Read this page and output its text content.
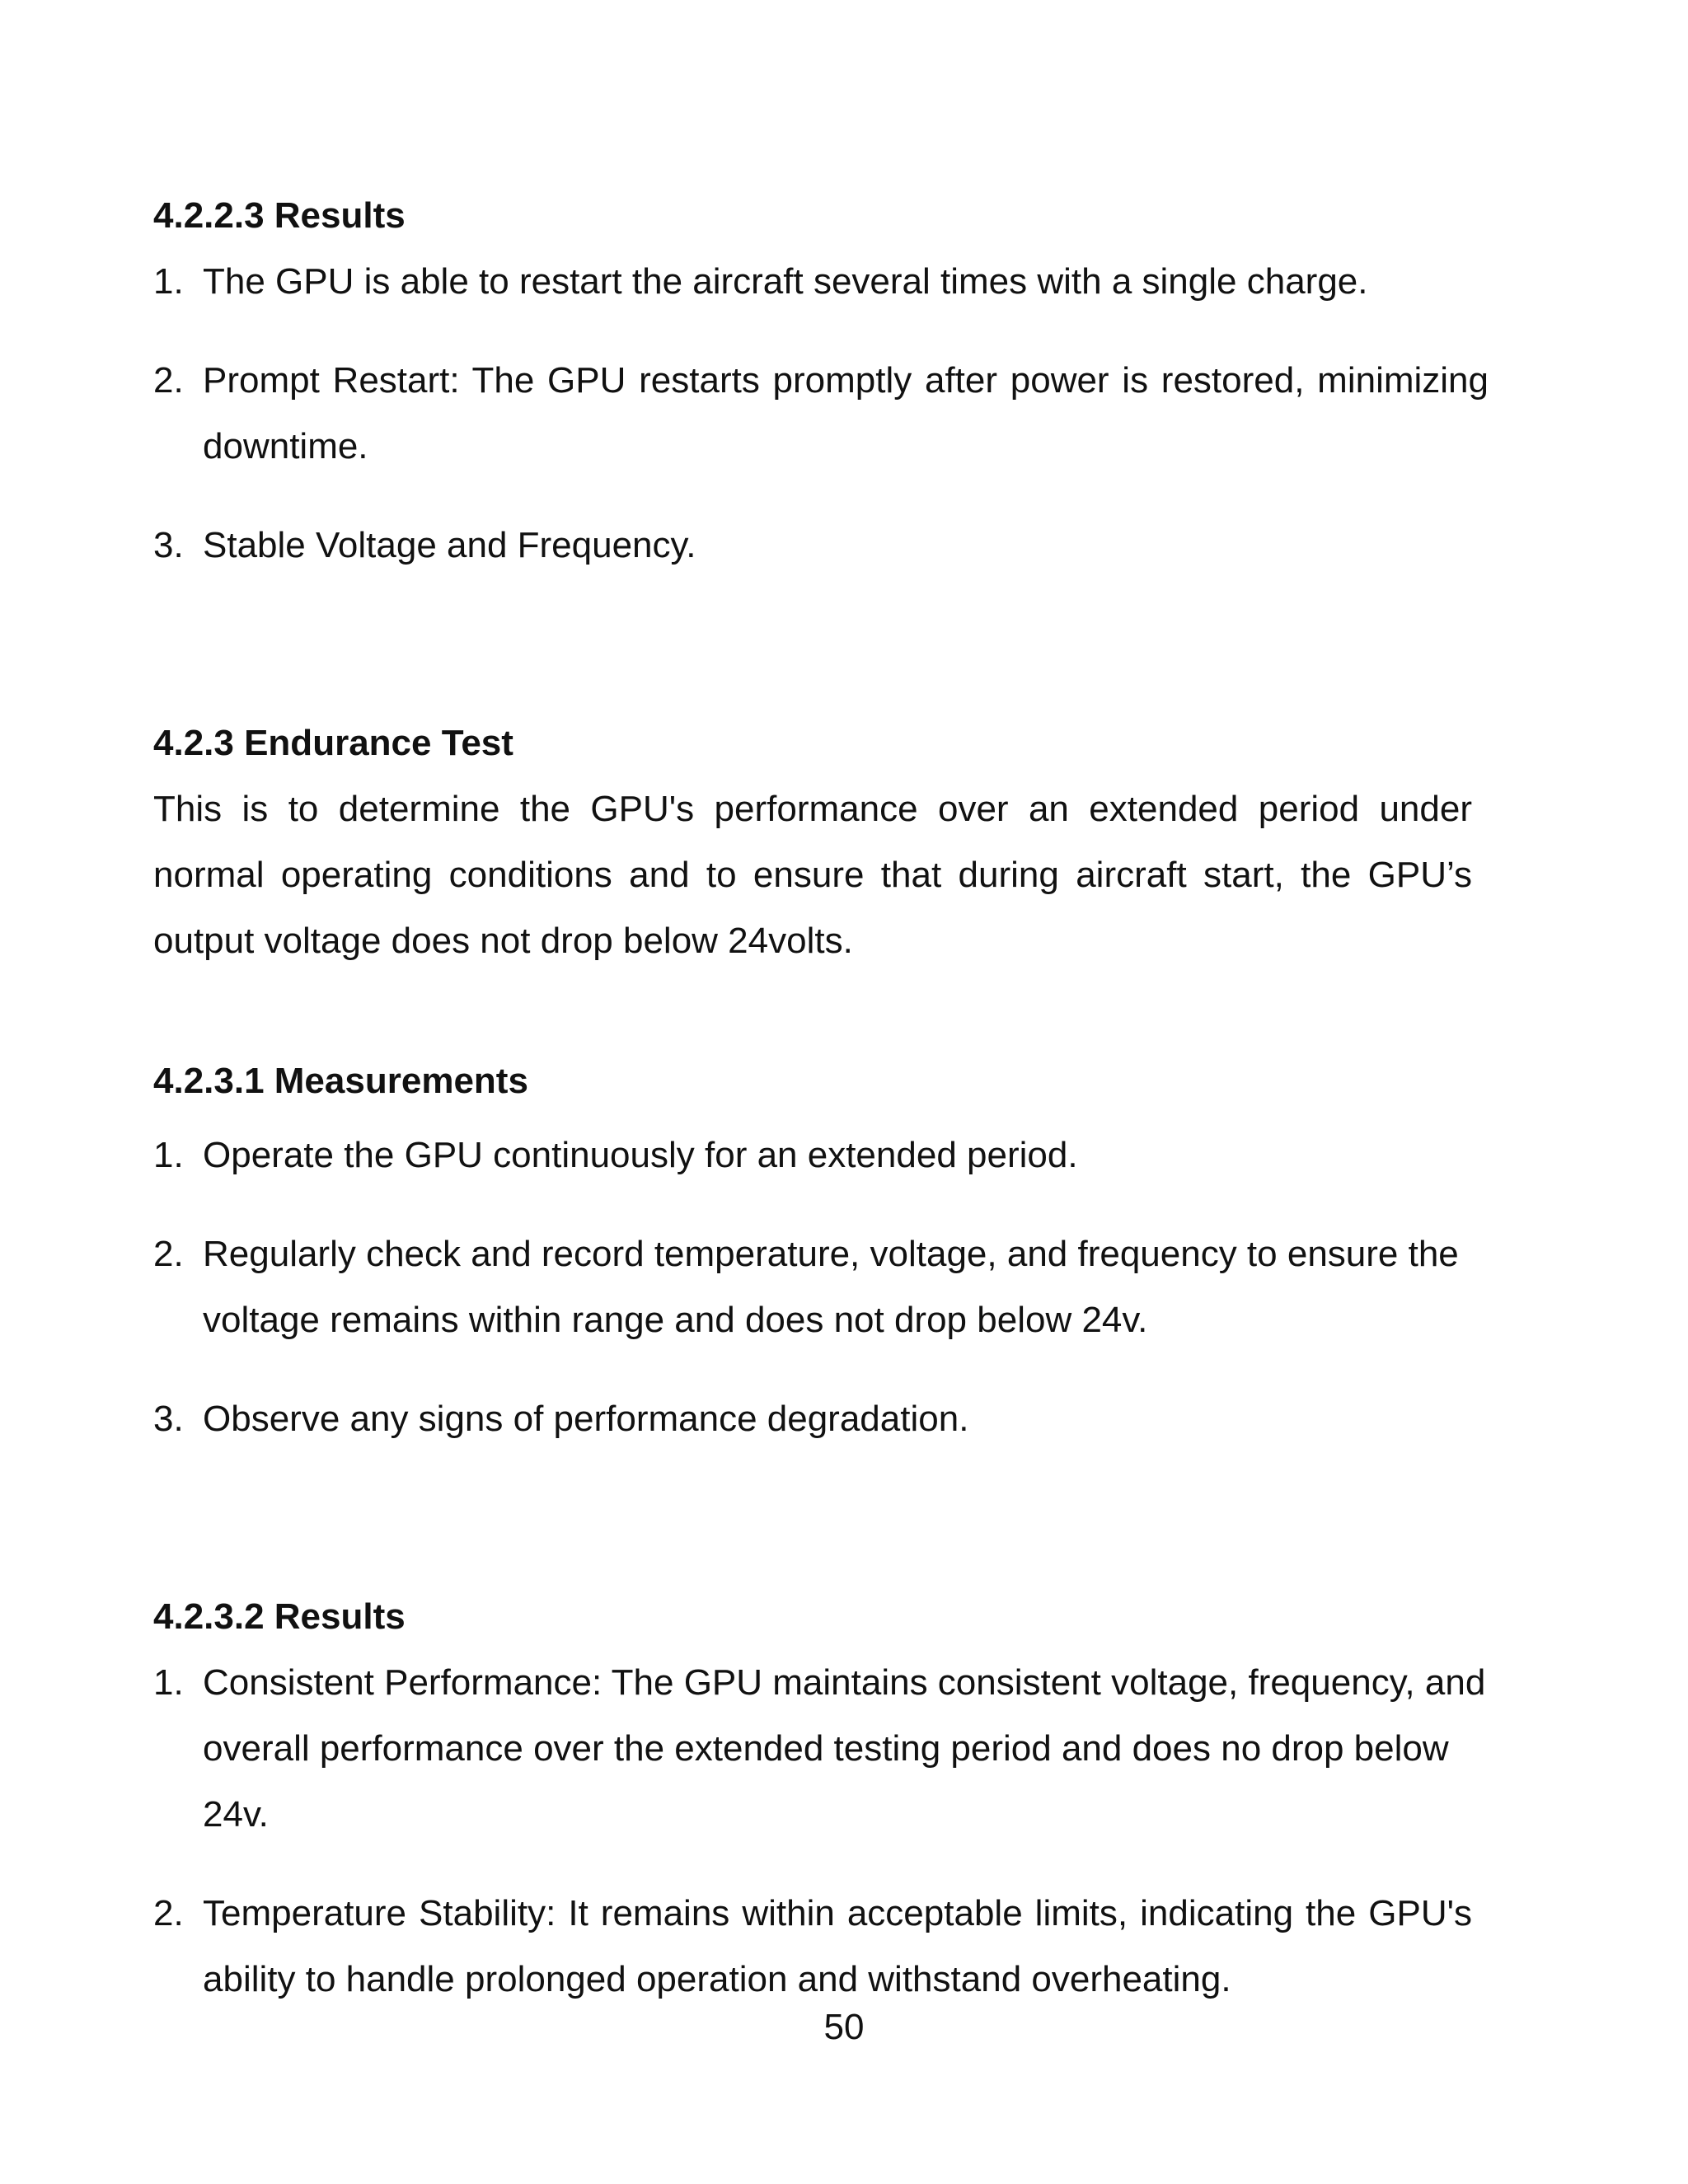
4.2.2.3 Results
1. The GPU is able to restart the aircraft several times with a single charge.
2. Prompt Restart: The GPU restarts promptly after power is restored, minimizing downtime.
3. Stable Voltage and Frequency.
4.2.3 Endurance Test

This is to determine the GPU's performance over an extended period under normal operating conditions and to ensure that during aircraft start, the GPU’s output voltage does not drop below 24volts.

4.2.3.1 Measurements
1. Operate the GPU continuously for an extended period.
2. Regularly check and record temperature, voltage, and frequency to ensure the voltage remains within range and does not drop below 24v.
3. Observe any signs of performance degradation.
4.2.3.2 Results
1. Consistent Performance: The GPU maintains consistent voltage, frequency, and overall performance over the extended testing period and does no drop below 24v.
2. Temperature Stability: It remains within acceptable limits, indicating the GPU's ability to handle prolonged operation and withstand overheating.
50
